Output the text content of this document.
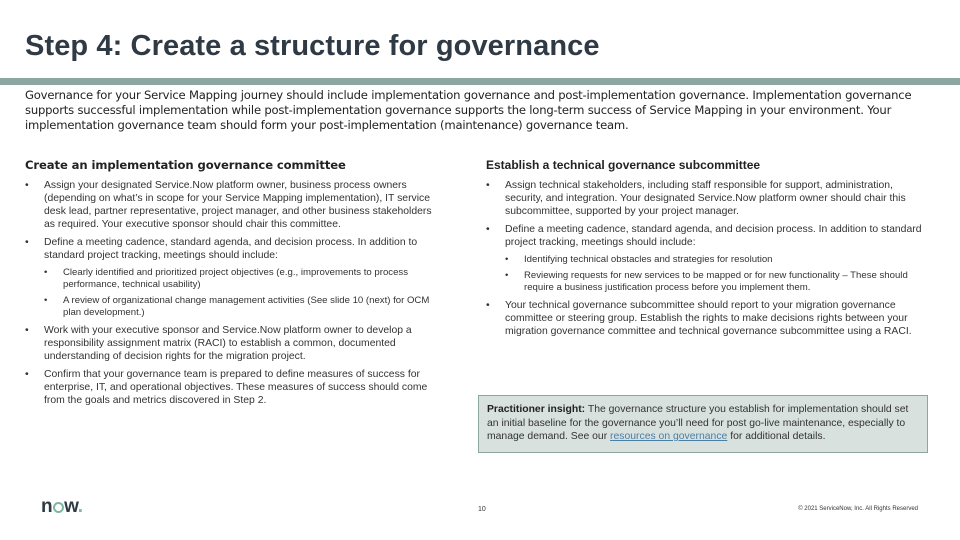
Step 4: Create a structure for governance
Governance for your Service Mapping journey should include implementation governance and post-implementation governance. Implementation governance supports successful implementation while post-implementation governance supports the long-term success of Service Mapping in your environment. Your implementation governance team should form your post-implementation (maintenance) governance team.
Create an implementation governance committee
• Assign your designated Service.Now platform owner, business process owners (depending on what’s in scope for your Service Mapping implementation), IT service desk lead, partner representative, project manager, and other business stakeholders as required. Your executive sponsor should chair this committee.
• Define a meeting cadence, standard agenda, and decision process. In addition to standard project tracking, meetings should include:
• Clearly identified and prioritized project objectives (e.g., improvements to process performance, technical usability)
• A review of organizational change management activities (See slide 10 (next) for OCM plan development.)
• Work with your executive sponsor and Service.Now platform owner to develop a responsibility assignment matrix (RACI) to establish a common, documented understanding of decision rights for the migration project.
• Confirm that your governance team is prepared to define measures of success for enterprise, IT, and operational objectives. These measures of success should come from the goals and metrics discovered in Step 2.
Establish a technical governance subcommittee
• Assign technical stakeholders, including staff responsible for support, administration, security, and integration. Your designated Service.Now platform owner should chair this subcommittee, supported by your project manager.
• Define a meeting cadence, standard agenda, and decision process. In addition to standard project tracking, meetings should include:
• Identifying technical obstacles and strategies for resolution
• Reviewing requests for new services to be mapped or for new functionality – These should require a business justification process before you implement them.
• Your technical governance subcommittee should report to your migration governance committee or steering group. Establish the rights to make decisions rights between your migration governance committee and technical governance subcommittee using a RACI.
Practitioner insight: The governance structure you establish for implementation should set an initial baseline for the governance you’ll need for post go-live maintenance, especially to manage demand. See our resources on governance for additional details.
n w.	10	© 2021 ServiceNow, Inc. All Rights Reserved
